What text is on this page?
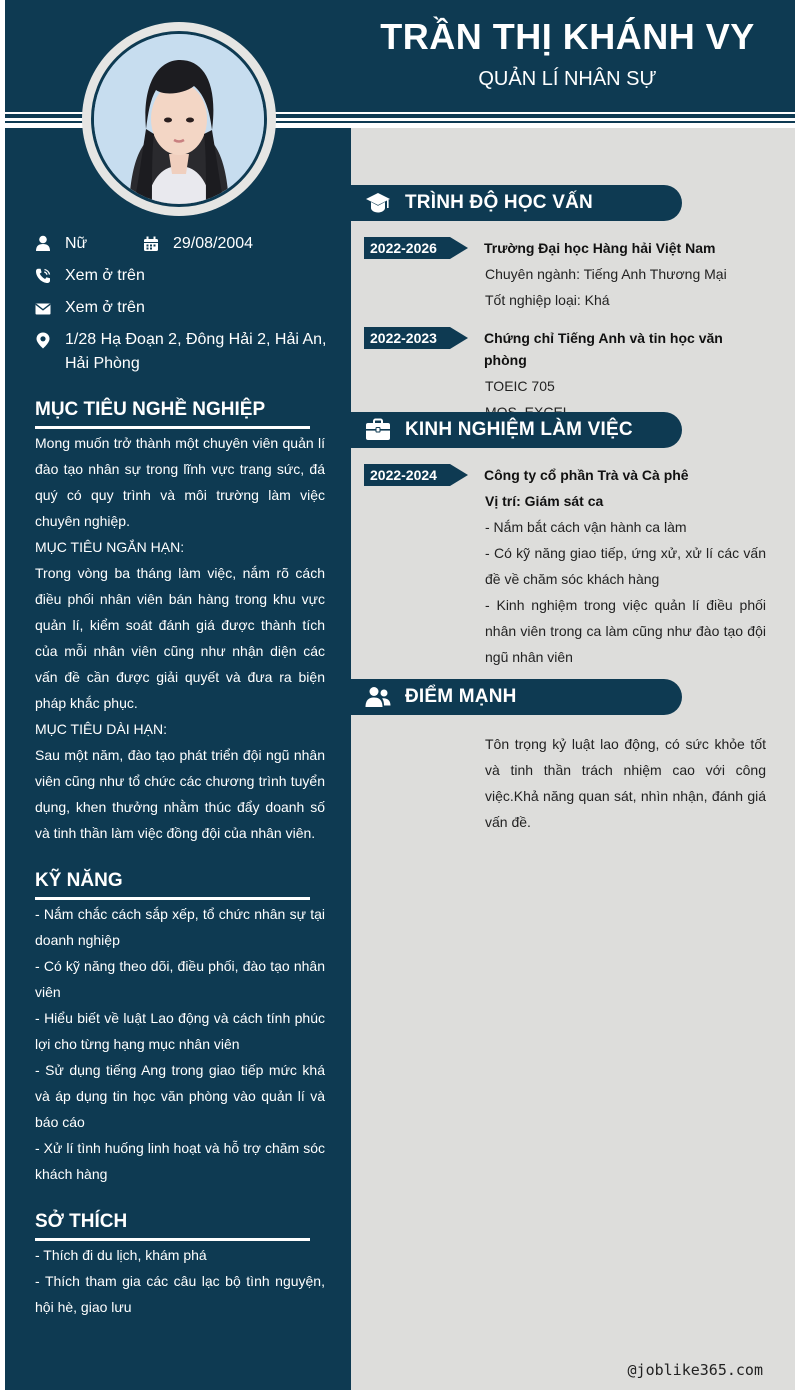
TRẦN THỊ KHÁNH VY
QUẢN LÍ NHÂN SỰ
Nữ	29/08/2004
Xem ở trên
Xem ở trên
1/28 Hạ Đoạn 2, Đông Hải 2, Hải An, Hải Phòng
MỤC TIÊU NGHỀ NGHIỆP

Mong muốn trở thành một chuyên viên quản lí đào tạo nhân sự trong lĩnh vực trang sức, đá quý có quy trình và môi trường làm việc chuyên nghiệp.

MỤC TIÊU NGẮN HẠN:

Trong vòng ba tháng làm việc, nắm rõ cách điều phối nhân viên bán hàng trong khu vực quản lí, kiểm soát đánh giá được thành tích của mỗi nhân viên cũng như nhận diện các vấn đề cần được giải quyết và đưa ra biện pháp khắc phục.

MỤC TIÊU DÀI HẠN:

Sau một năm, đào tạo phát triển đội ngũ nhân viên cũng như tổ chức các chương trình tuyển dụng, khen thưởng nhằm thúc đẩy doanh số và tinh thần làm việc đồng đội của nhân viên.

KỸ NĂNG

- Nắm chắc cách sắp xếp, tổ chức nhân sự tại doanh nghiệp

- Có kỹ năng theo dõi, điều phối, đào tạo nhân viên

- Hiểu biết về luật Lao động và cách tính phúc lợi cho từng hạng mục nhân viên

- Sử dụng tiếng Ang trong giao tiếp mức khá và áp dụng tin học văn phòng vào quản lí và báo cáo

- Xử lí tình huống linh hoạt và hỗ trợ chăm sóc khách hàng

SỞ THÍCH

- Thích đi du lịch, khám phá

- Thích tham gia các câu lạc bộ tình nguyện, hội hè, giao lưu

TRÌNH ĐỘ HỌC VẤN
2022-2026	Trường Đại học Hàng hải Việt Nam
Chuyên ngành: Tiếng Anh Thương Mại
Tốt nghiệp loại: Khá
2022-2023	Chứng chỉ Tiếng Anh và tin học văn phòng
TOEIC 705
KINH NGHIỆM LÀM VIỆC
2022-2024	Công ty cổ phần Trà và Cà phê
Vị trí: Giám sát ca
- Nắm bắt cách vận hành ca làm
- Có kỹ năng giao tiếp, ứng xử, xử lí các vấn đề về chăm sóc khách hàng
- Kinh nghiệm trong việc quản lí điều phối nhân viên trong ca làm cũng như đào tạo đội ngũ nhân viên
ĐIỂM MẠNH
Tôn trọng kỷ luật lao động, có sức khỏe tốt và tinh thần trách nhiệm cao với công việc.Khả năng quan sát, nhìn nhận, đánh giá vấn đề.
@joblike365.com
